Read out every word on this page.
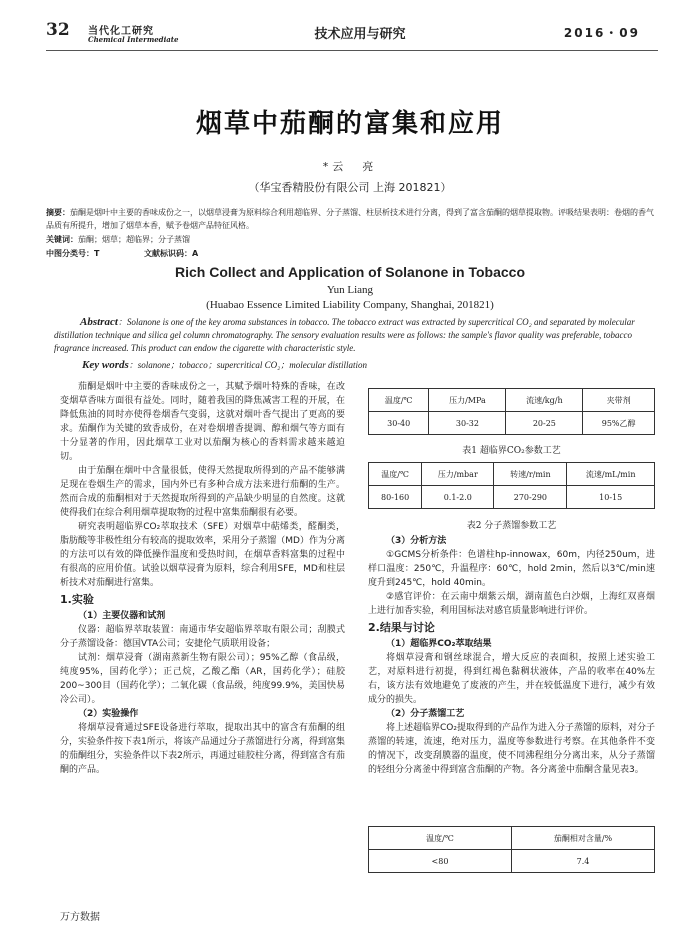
32 当代化工研究
Chemical Intermediate	技术应用与研究	2016・09
烟草中茄酮的富集和应用
*云　亮
（华宝香精股份有限公司 上海 201821）
摘要：茄酮是烟叶中主要的香味成份之一，以烟草浸膏为原料综合利用超临界、分子蒸馏、柱层析技术进行分离，得到了富含茄酮的烟草提取物。评吸结果表明：卷烟的香气品质有所提升，增加了烟草本香，赋予卷烟产品特征风格。
关键词：茄酮；烟草；超临界；分子蒸馏
中图分类号：T	文献标识码：A
Rich Collect and Application of Solanone in Tobacco
Yun Liang
(Huabao Essence Limited Liability Company, Shanghai, 201821)
Abstract：Solanone is one of the key aroma substances in tobacco. The tobacco extract was extracted by supercritical CO₂ and separated by molecular distillation technique and silica gel column chromatography. The sensory evaluation results were as follows: the sample's flavor quality was preferable, tobacco fragrance increased. This product can endow the cigarette with characteristic style.
Key words：solanone；tobacco；supercritical CO₂；molecular distillation

茄酮是烟叶中主要的香味成份之一，其赋予烟叶特殊的香味，在改变烟草香味方面很有益处。同时，随着我国的降焦减害工程的开展，在降低焦油的同时亦使得卷烟香气变弱，这就对烟叶香气提出了更高的要求。茄酮作为关键的致香成份，在对卷烟增香提调、醇和烟气等方面有十分显著的作用，因此烟草工业对以茄酮为核心的香料需求越来越迫切。

由于茄酮在烟叶中含量很低，使得天然提取所得到的产品不能够满足现在卷烟生产的需求，国内外已有多种合成方法来进行茄酮的生产。然而合成的茄酮相对于天然提取所得到的产品缺少明显的自然度。这就使得我们在综合利用烟草提取物的过程中富集茄酮很有必要。

研究表明超临界CO₂萃取技术（SFE）对烟草中萜烯类，醛酮类，脂肪酸等非极性组分有较高的提取效率，采用分子蒸馏（MD）作为分离的方法可以有效的降低操作温度和受热时间，在烟草香料富集的过程中有很高的应用价值。试验以烟草浸膏为原料，综合利用SFE，MD和柱层析技术对茄酮进行富集。

1.实验

（1）主要仪器和试剂

仪器：超临界萃取装置：南通市华安超临界萃取有限公司；刮膜式分子蒸馏设备：德国VTA公司；安捷伦气质联用设备；

试剂：烟草浸膏（湖南蒸新生物有限公司）；95%乙醇（食品级，纯度95%，国药化学）；正己烷，乙酸乙酯（AR，国药化学）；硅胶200~300目（国药化学）；二氧化碳（食品级，纯度99.9%，美国快易冷公司）。

（2）实验操作

将烟草浸膏通过SFE设备进行萃取，提取出其中的富含有茄酮的组分，实验条件按下表1所示，将该产品通过分子蒸馏进行分离，得到富集的茄酮组分，实验条件以下表2所示，再通过硅胶柱分离，得到富含有茄酮的产品。

温度/℃	压力/MPa	流速/kg/h	夹带剂
30-40	30-32	20-25	95%乙醇
表1 超临界CO₂参数工艺
温度/℃	压力/mbar	转速/r/min	流速/mL/min
80-160	0.1-2.0	270-290	10-15
表2 分子蒸馏参数工艺

（3）分析方法

①GCMS分析条件：色谱柱hp-innowax，60m，内径250um，进样口温度：250℃，升温程序：60℃，hold 2min，然后以3℃/min速度升到245℃，hold 40min。

②感官评价：在云南中烟紫云烟，湖南蓝色白沙烟，上海红双喜烟上进行加香实验，利用国标法对感官质量影响进行评价。

2.结果与讨论

（1）超临界CO₂萃取结果

将烟草浸膏和钢丝球混合，增大反应的表面积，按照上述实验工艺，对原料进行初提，得到红褐色黏稠状液体，产品的收率在40%左右，该方法有效地避免了废液的产生，并在较低温度下进行，减少有效成分的损失。

（2）分子蒸馏工艺

将上述超临界CO₂提取得到的产品作为进入分子蒸馏的原料，对分子蒸馏的转速，流速，绝对压力，温度等参数进行考察。在其他条件不变的情况下，改变刮膜器的温度，使不同沸程组分分离出来，从分子蒸馏的轻组分分离釜中得到富含茄酮的产物。各分离釜中茄酮含量见表3。

温度/℃	茄酮相对含量/%
<80	7.4
万方数据
